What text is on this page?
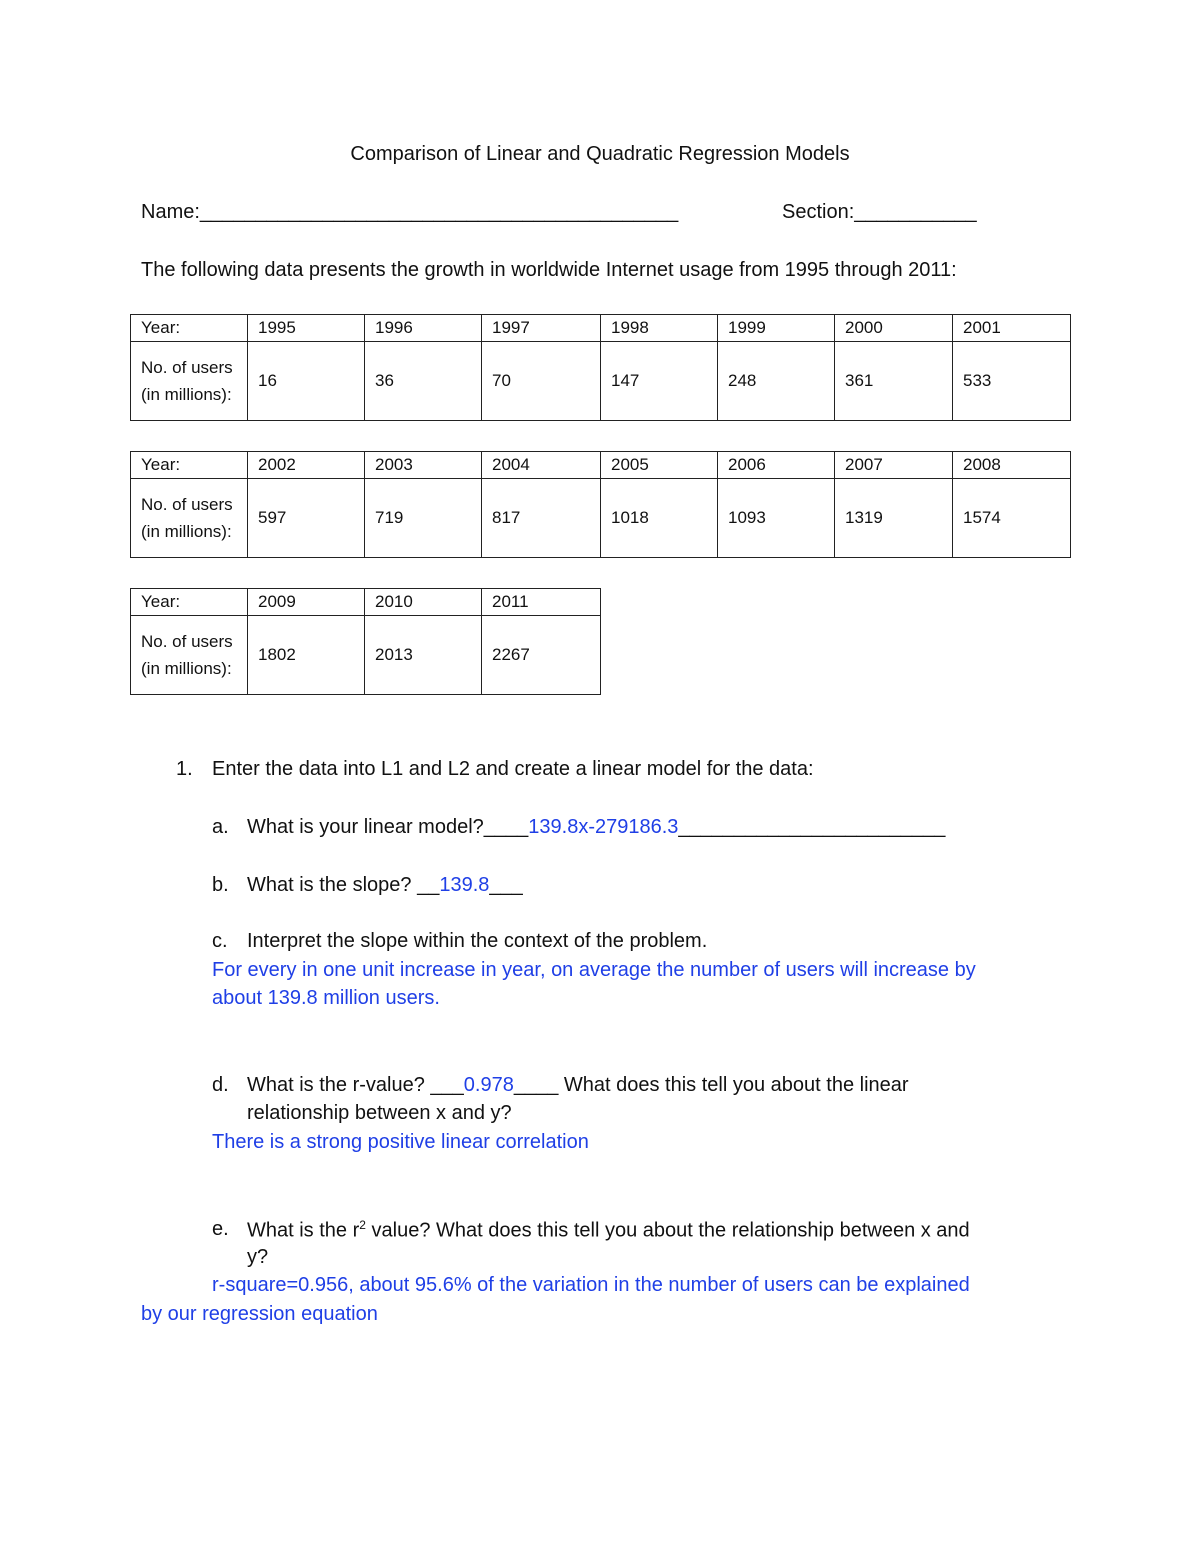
Comparison of Linear and Quadratic Regression Models
Name:___________________________________________	Section:___________
The following data presents the growth in worldwide Internet usage from 1995 through 2011:
Year:	1995	1996	1997	1998	1999	2000	2001
No. of users (in millions):	16	36	70	147	248	361	533
Year:	2002	2003	2004	2005	2006	2007	2008
No. of users (in millions):	597	719	817	1018	1093	1319	1574
Year:	2009	2010	2011
No. of users (in millions):	1802	2013	2267
1. Enter the data into L1 and L2 and create a linear model for the data:
a. What is your linear model?____139.8x-279186.3________________________
b. What is the slope? __139.8___
c. Interpret the slope within the context of the problem.
For every in one unit increase in year, on average the number of users will increase by
about 139.8 million users.
d. What is the r-value? ___0.978____ What does this tell you about the linear
relationship between x and y?
There is a strong positive linear correlation
e. What is the $r^2$ value? What does this tell you about the relationship between x and
y?
r-square=0.956, about 95.6% of the variation in the number of users can be explained
by our regression equation
